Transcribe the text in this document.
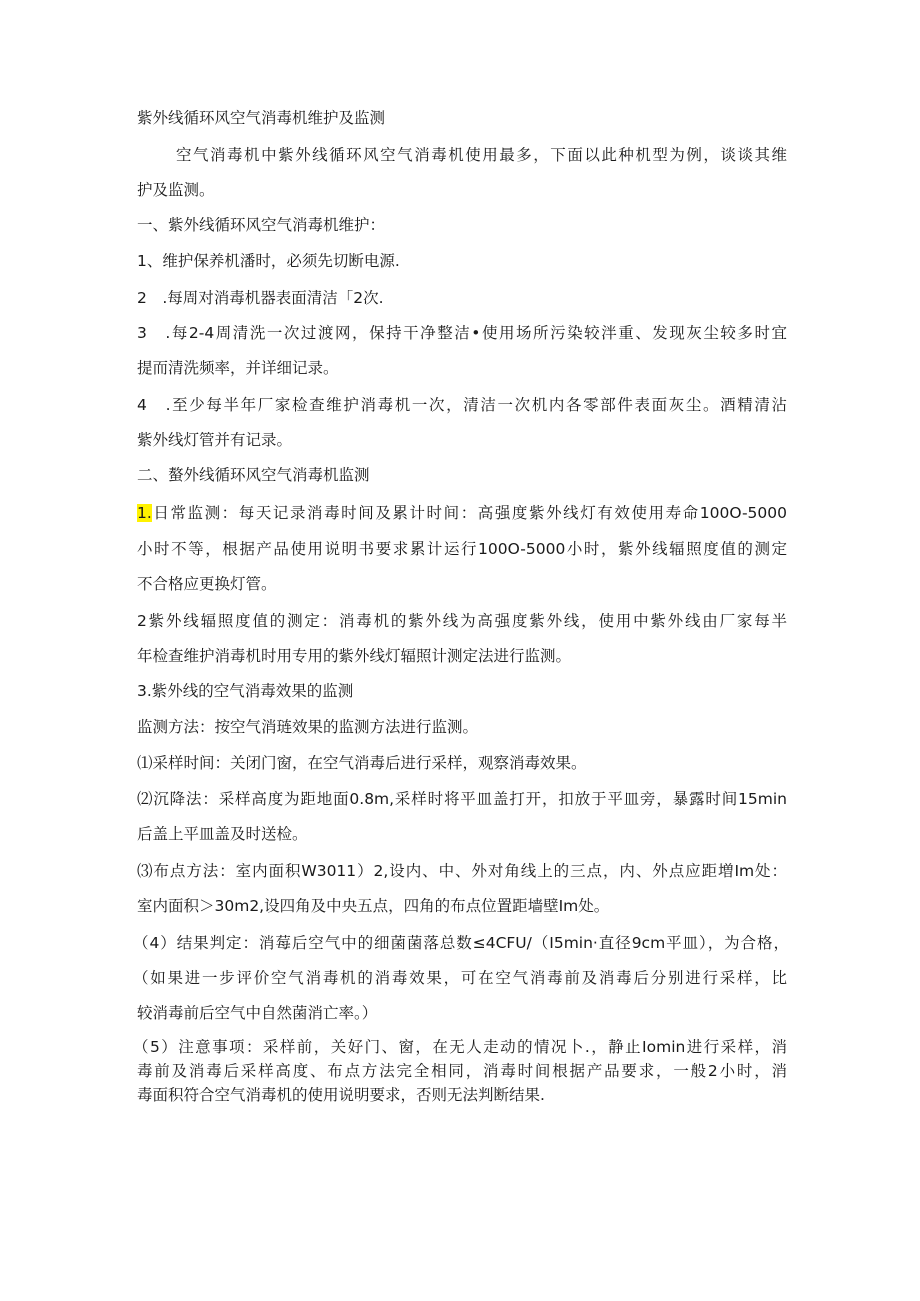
紫外线循环风空气消毒机维护及监测
空气消毒机中紫外线循环风空气消毒机使用最多，下面以此种机型为例，谈谈其维
护及监测。
一、紫外线循环风空气消毒机维护：
1、维护保养机潘时，必须先切断电源.
2　.每周对消毒机器表面清洁「2次.
3　.每2-4周清洗一次过渡网，保持干净整洁•使用场所污染较泮重、发现灰尘较多时宜
提而清洗频率，并详细记录。
4　.至少每半年厂家检查维护消毒机一次，清洁一次机内各零部件表面灰尘。酒精清沾
紫外线灯管并有记录。
二、螯外线循环风空气消毒机监测
1.日常监测：每天记录消毒时间及累计时间：高强度紫外线灯有效使用寿命100O-5000
小时不等，根据产品使用说明书要求累计运行100O-5000小时，紫外线辐照度值的测定
不合格应更换灯管。
2紫外线辐照度值的测定：消毒机的紫外线为高强度紫外线，使用中紫外线由厂家每半
年检查维护消毒机时用专用的紫外线灯辐照计测定法进行监测。
3.紫外线的空气消毒效果的监测
监测方法：按空气消琏效果的监测方法进行监测。
⑴采样时间：关闭门窗，在空气消毒后进行采样，观察消毒效果。
⑵沉降法：采样高度为距地面0.8m,采样时将平皿盖打开，扣放于平皿旁，暴露时间15min
后盖上平皿盖及时送检。
⑶布点方法：室内面积W3011）2,设内、中、外对角线上的三点，内、外点应距増Im处：
室内面积＞30m2,设四角及中央五点，四角的布点位置距墙壁Im处。
（4）结果判定：消莓后空气中的细菌菌落总数≤4CFU/（I5min·直径9cm平皿），为合格，
（如果进一步评价空气消毒机的消毒效果，可在空气消毒前及消毒后分别进行采样，比
较消毒前后空气中自然菌消亡率。）
（5）注意事项：采样前，关好门、窗，在无人走动的情况卜.，静止Iomin进行采样，消
毒前及消毒后采样高度、布点方法完全相同，消毒时间根据产品要求，一般2小时，消
毒面积符合空气消毒机的使用说明要求，否则无法判断结果.
